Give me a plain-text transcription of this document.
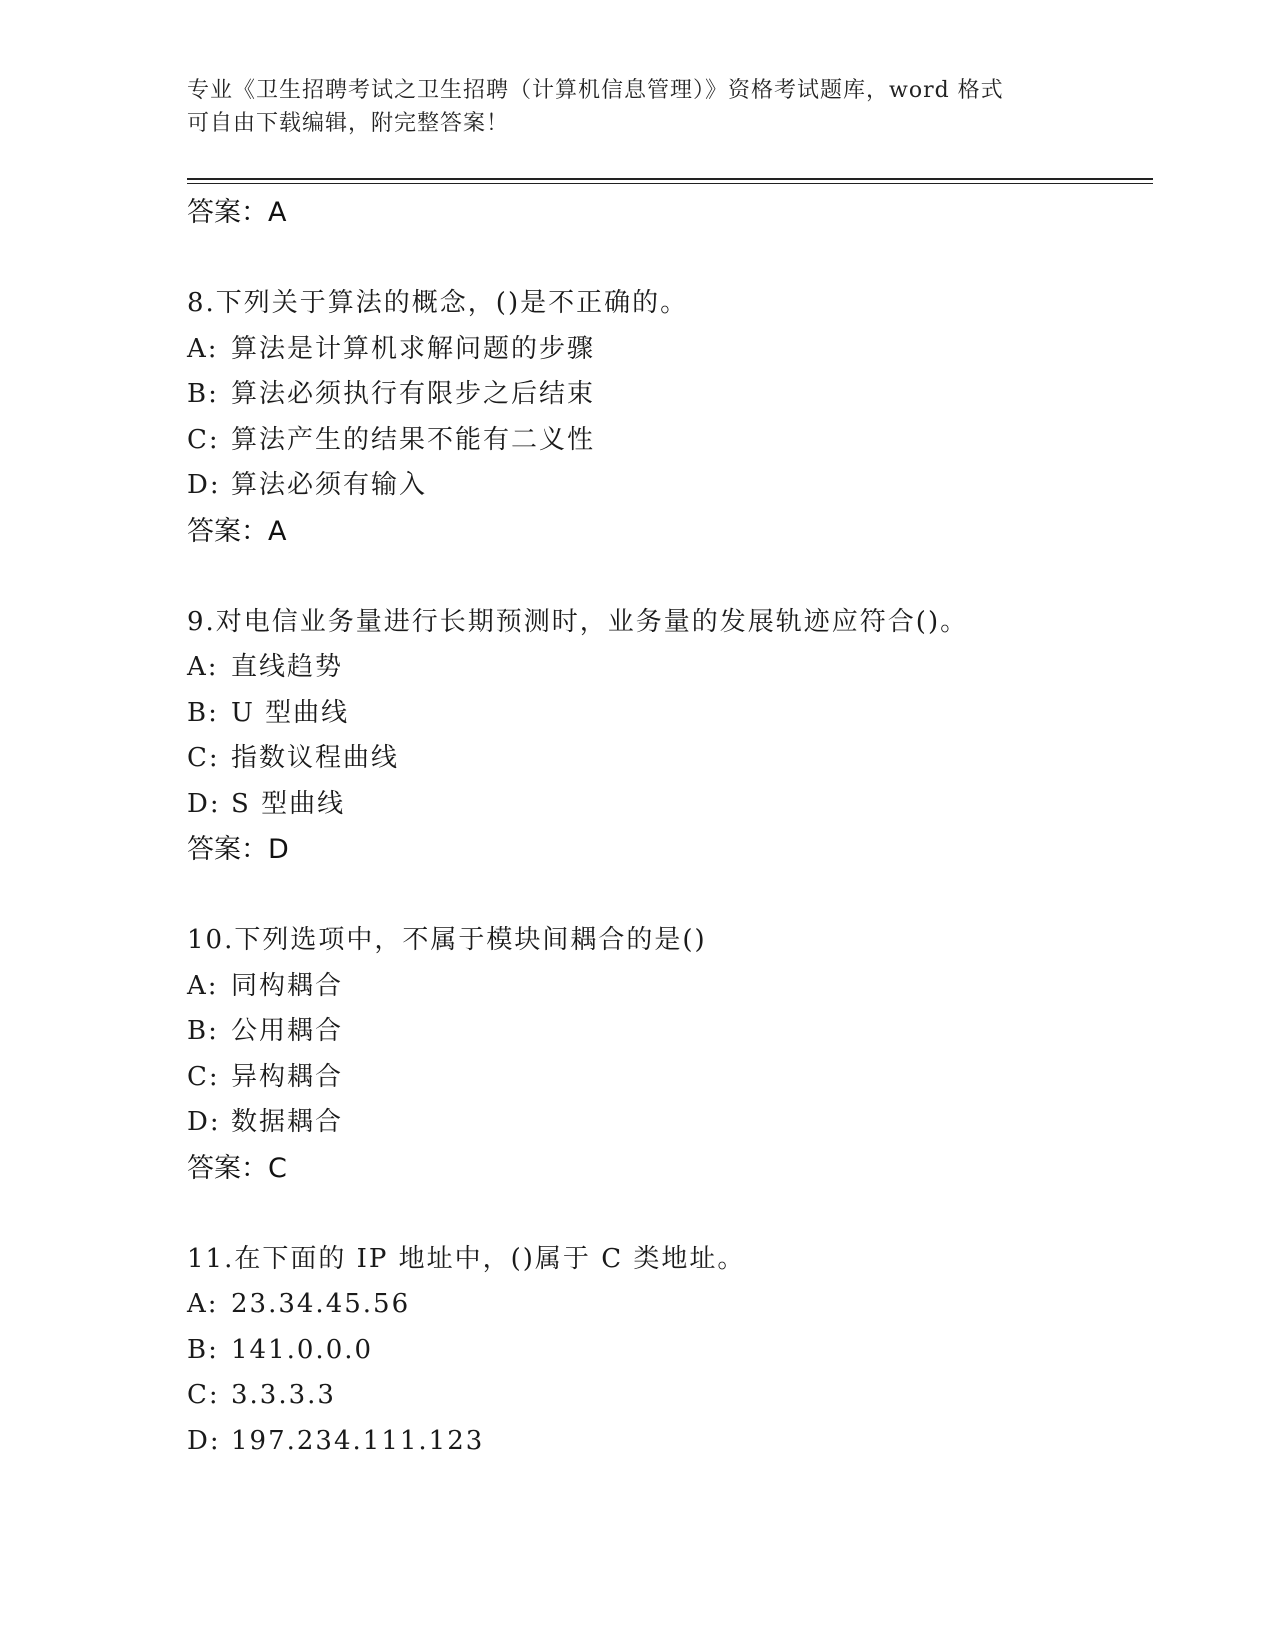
专业《卫生招聘考试之卫生招聘（计算机信息管理）》资格考试题库，word 格式
可自由下载编辑，附完整答案！
答案：A
8.下列关于算法的概念，()是不正确的。
A: 算法是计算机求解问题的步骤
B: 算法必须执行有限步之后结束
C: 算法产生的结果不能有二义性
D: 算法必须有输入
答案：A
9.对电信业务量进行长期预测时，业务量的发展轨迹应符合()。
A: 直线趋势
B: U 型曲线
C: 指数议程曲线
D: S 型曲线
答案：D
10.下列选项中，不属于模块间耦合的是()
A: 同构耦合
B: 公用耦合
C: 异构耦合
D: 数据耦合
答案：C
11.在下面的 IP 地址中，()属于 C 类地址。
A: 23.34.45.56
B: 141.0.0.0
C: 3.3.3.3
D: 197.234.111.123
